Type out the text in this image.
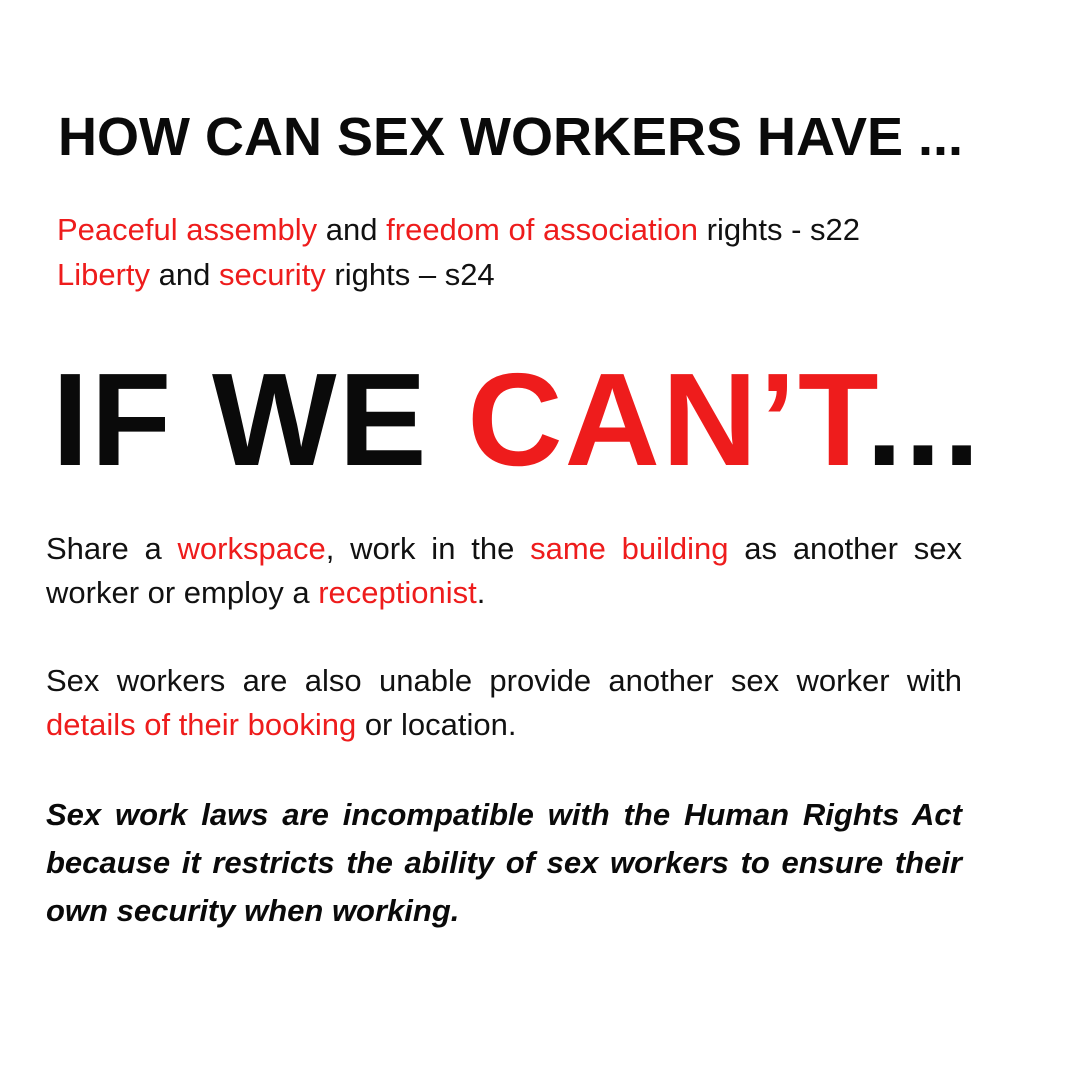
HOW CAN SEX WORKERS HAVE ...

Peaceful assembly and freedom of association rights - s22

Liberty and security rights – s24

IF WE CAN’T...

Share a workspace, work in the same building as another sex worker or employ a receptionist.

Sex workers are also unable provide another sex worker with details of their booking or location.

Sex work laws are incompatible with the Human Rights Act because it restricts the ability of sex workers to ensure their own security when working.
